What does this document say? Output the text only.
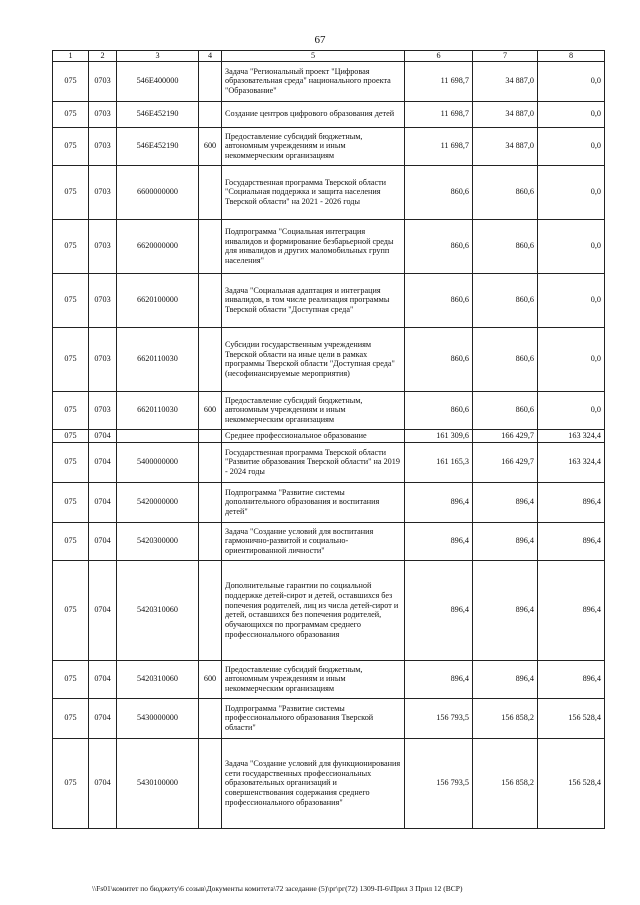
67
1	2	3	4	5	6	7	8
075	0703	546E400000		Задача "Региональный проект "Цифровая образовательная среда" национального проекта "Образование"	11 698,7	34 887,0	0,0
075	0703	546E452190		Создание центров цифрового образования детей	11 698,7	34 887,0	0,0
075	0703	546E452190	600	Предоставление субсидий бюджетным, автономным учреждениям и иным некоммерческим организациям	11 698,7	34 887,0	0,0
075	0703	6600000000		Государственная программа Тверской области "Социальная поддержка и защита населения Тверской области" на 2021 - 2026 годы	860,6	860,6	0,0
075	0703	6620000000		Подпрограмма "Социальная интеграция инвалидов и формирование безбарьерной среды для инвалидов и других маломобильных групп населения"	860,6	860,6	0,0
075	0703	6620100000		Задача "Социальная адаптация и интеграция инвалидов, в том числе реализация программы Тверской области "Доступная среда"	860,6	860,6	0,0
075	0703	6620110030		Субсидии государственным учреждениям Тверской области на иные цели в рамках программы Тверской области "Доступная среда" (несофинансируемые мероприятия)	860,6	860,6	0,0
075	0703	6620110030	600	Предоставление субсидий бюджетным, автономным учреждениям и иным некоммерческим организациям	860,6	860,6	0,0
075	0704			Среднее профессиональное образование	161 309,6	166 429,7	163 324,4
075	0704	5400000000		Государственная программа Тверской области "Развитие образования Тверской области" на 2019 - 2024 годы	161 165,3	166 429,7	163 324,4
075	0704	5420000000		Подпрограмма "Развитие системы дополнительного образования и воспитания детей"	896,4	896,4	896,4
075	0704	5420300000		Задача "Создание условий для воспитания гармонично-развитой и социально-ориентированной личности"	896,4	896,4	896,4
075	0704	5420310060		Дополнительные гарантии по социальной поддержке детей-сирот и детей, оставшихся без попечения родителей, лиц из числа детей-сирот и детей, оставшихся без попечения родителей, обучающихся по программам среднего профессионального образования	896,4	896,4	896,4
075	0704	5420310060	600	Предоставление субсидий бюджетным, автономным учреждениям и иным некоммерческим организациям	896,4	896,4	896,4
075	0704	5430000000		Подпрограмма "Развитие системы профессионального образования Тверской области"	156 793,5	156 858,2	156 528,4
075	0704	5430100000		Задача "Создание условий для функционирования сети государственных профессиональных образовательных организаций и совершенствования содержания среднего профессионального образования"	156 793,5	156 858,2	156 528,4
\\Fs01\комитет по бюджету\6 созыв\Документы комитета\72 заседание (5)\рг\рг(72) 1309-П-6\Прил 3 Прил 12 (ВСР)
